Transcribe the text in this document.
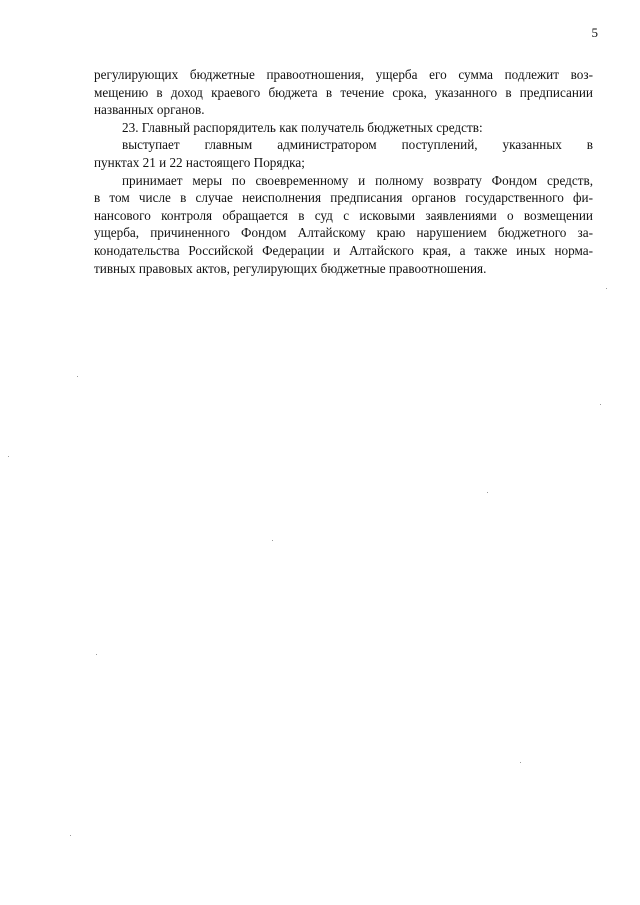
5
регулирующих бюджетные правоотношения, ущерба его сумма подлежит воз-
мещению в доход краевого бюджета в течение срока, указанного в предписании
названных органов.
23. Главный распорядитель как получатель бюджетных средств:
выступает главным администратором поступлений, указанных в
пунктах 21 и 22 настоящего Порядка;
принимает меры по своевременному и полному возврату Фондом средств,
в том числе в случае неисполнения предписания органов государственного фи-
нансового контроля обращается в суд с исковыми заявлениями о возмещении
ущерба, причиненного Фондом Алтайскому краю нарушением бюджетного за-
конодательства Российской Федерации и Алтайского края, а также иных норма-
тивных правовых актов, регулирующих бюджетные правоотношения.
